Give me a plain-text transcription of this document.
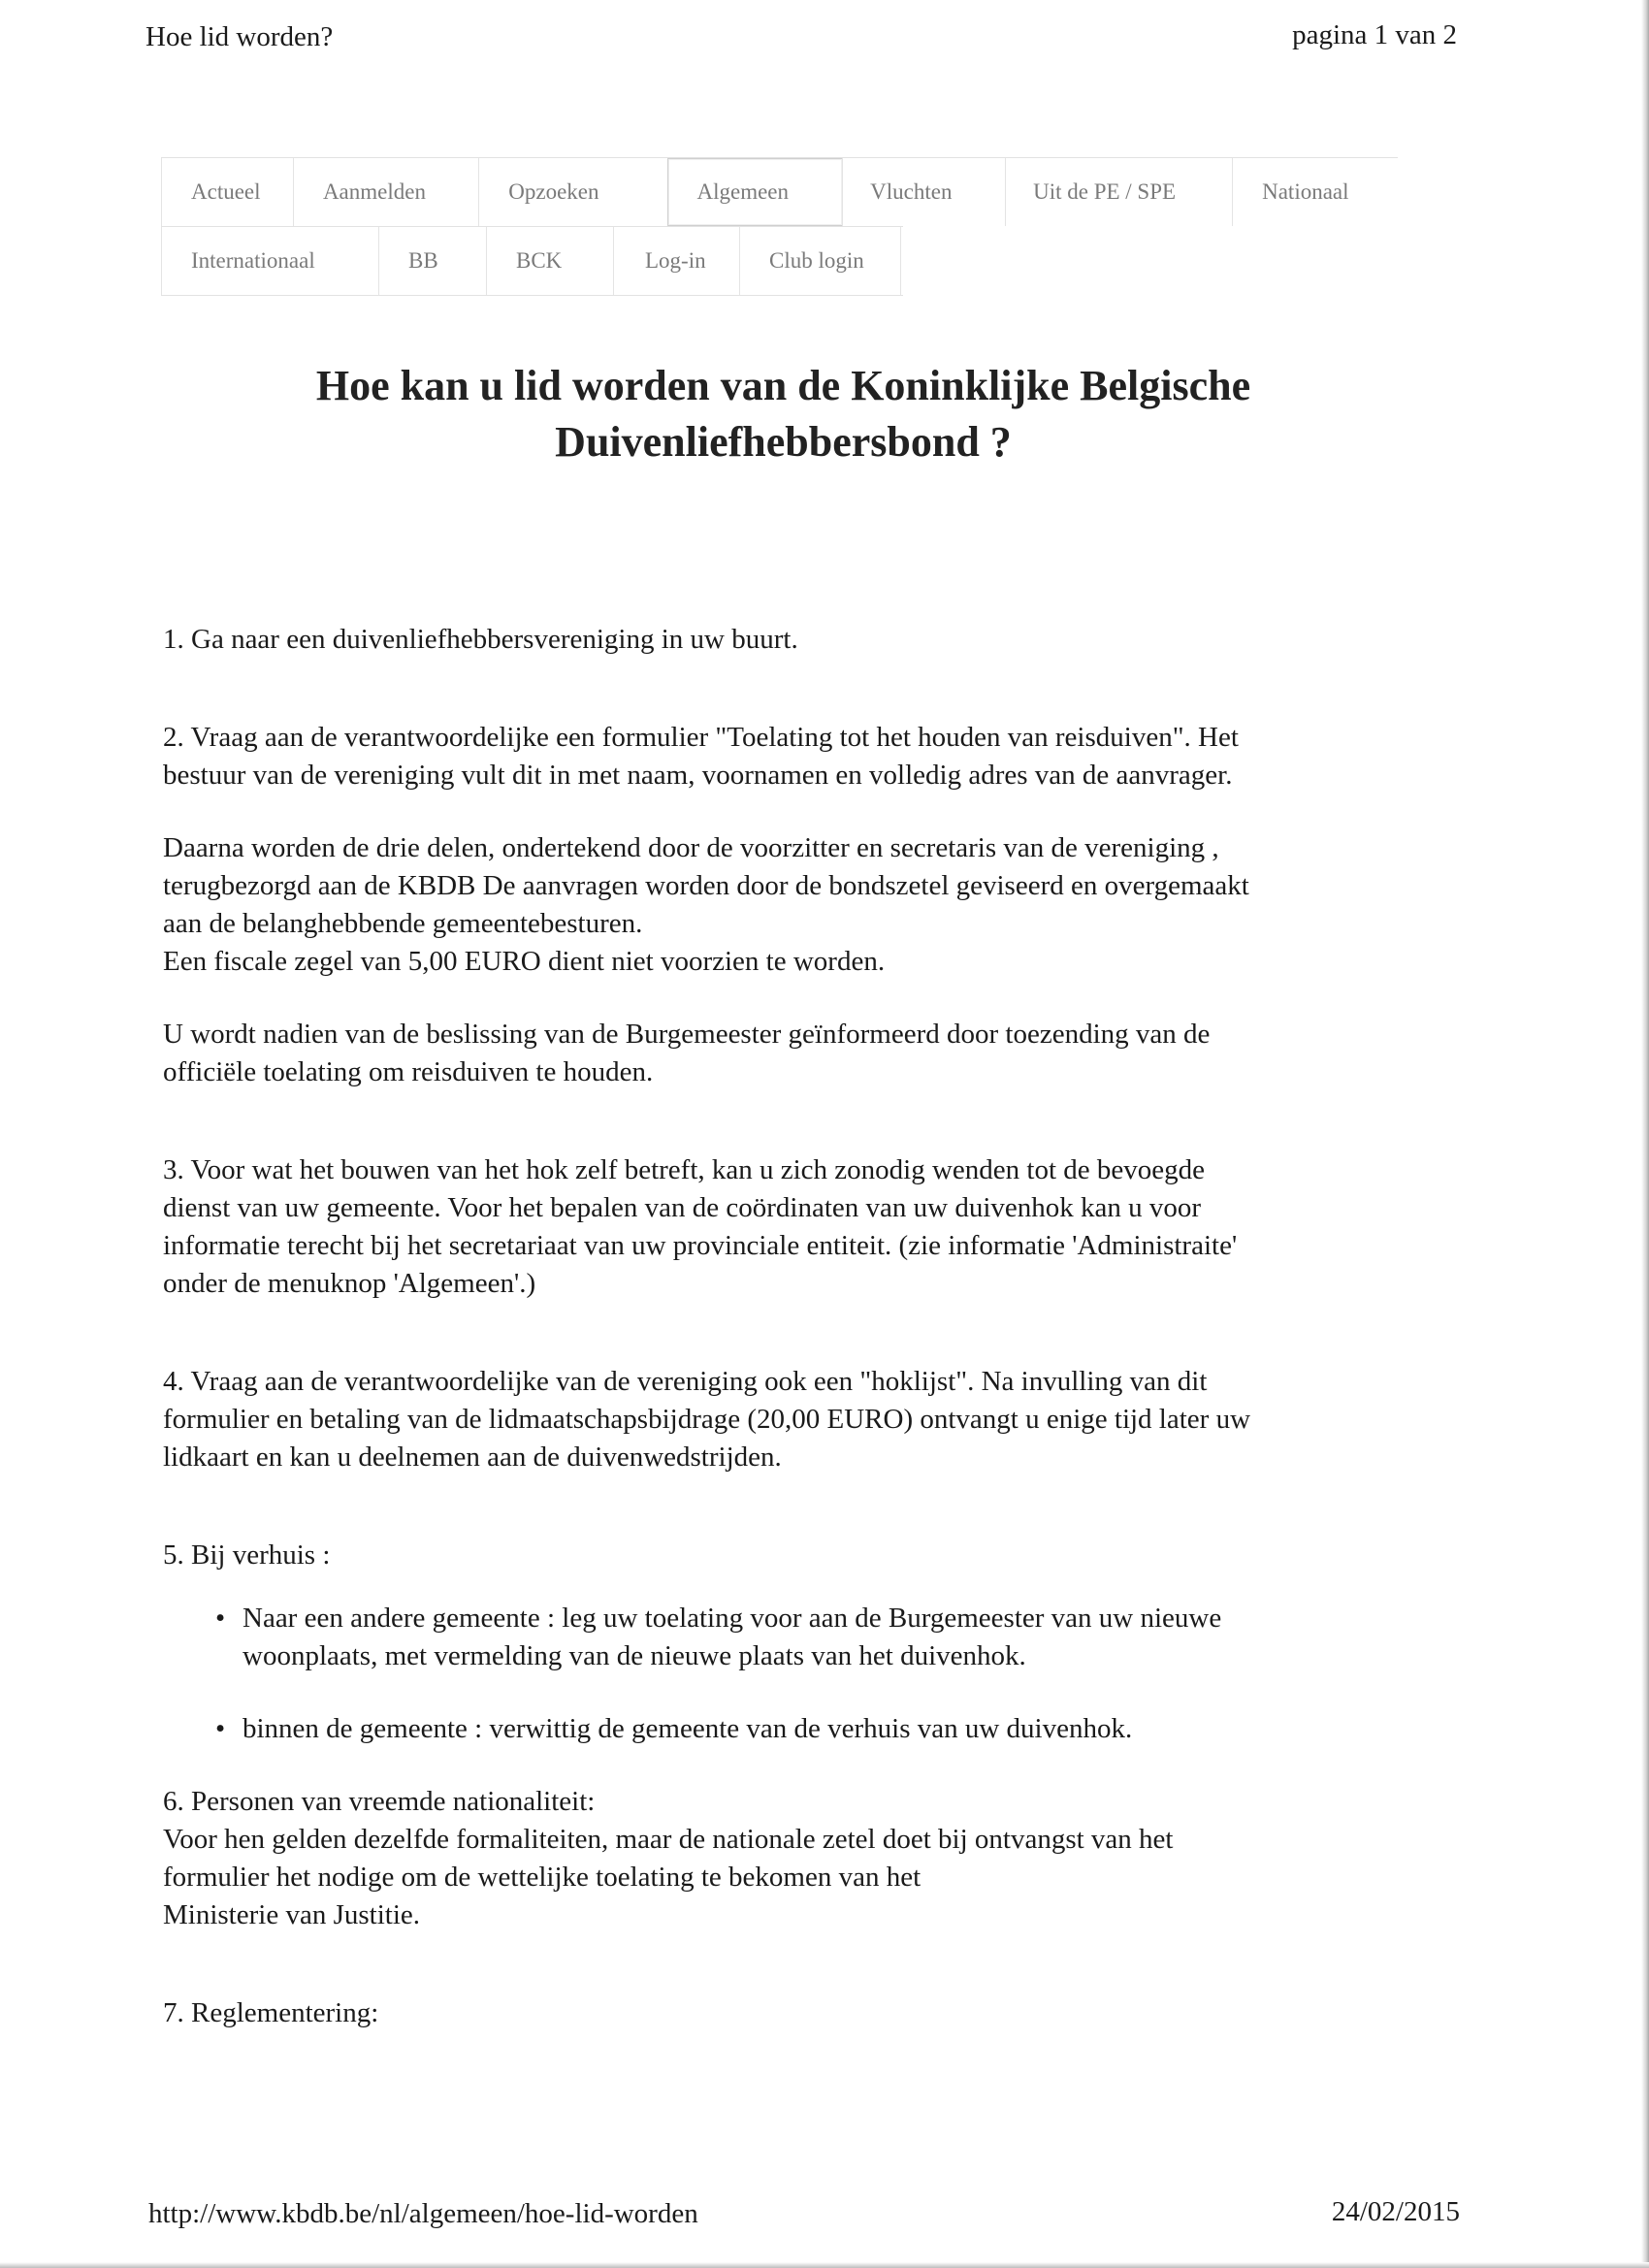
Hoe lid worden?	pagina 1 van 2
Actueel	Aanmelden	Opzoeken	Algemeen	Vluchten	Uit de PE / SPE	Nationaal
Internationaal	BB	BCK	Log-in	Club login
Hoe kan u lid worden van de Koninklijke Belgische
Duivenliefhebbersbond ?

1. Ga naar een duivenliefhebbersvereniging in uw buurt.

2. Vraag aan de verantwoordelijke een formulier "Toelating tot het houden van reisduiven". Het
bestuur van de vereniging vult dit in met naam, voornamen en volledig adres van de aanvrager.

Daarna worden de drie delen, ondertekend door de voorzitter en secretaris van de vereniging ,
terugbezorgd aan de KBDB De aanvragen worden door de bondszetel geviseerd en overgemaakt
aan de belanghebbende gemeentebesturen.
Een fiscale zegel van 5,00 EURO dient niet voorzien te worden.

U wordt nadien van de beslissing van de Burgemeester geïnformeerd door toezending van de
officiële toelating om reisduiven te houden.

3. Voor wat het bouwen van het hok zelf betreft, kan u zich zonodig wenden tot de bevoegde
dienst van uw gemeente. Voor het bepalen van de coördinaten van uw duivenhok kan u voor
informatie terecht bij het secretariaat van uw provinciale entiteit. (zie informatie 'Administraite'
onder de menuknop 'Algemeen'.)

4. Vraag aan de verantwoordelijke van de vereniging ook een "hoklijst". Na invulling van dit
formulier en betaling van de lidmaatschapsbijdrage (20,00 EURO) ontvangt u enige tijd later uw
lidkaart en kan u deelnemen aan de duivenwedstrijden.

5. Bij verhuis :

• Naar een andere gemeente : leg uw toelating voor aan de Burgemeester van uw nieuwe
woonplaats, met vermelding van de nieuwe plaats van het duivenhok.
• binnen de gemeente : verwittig de gemeente van de verhuis van uw duivenhok.

6. Personen van vreemde nationaliteit:
Voor hen gelden dezelfde formaliteiten, maar de nationale zetel doet bij ontvangst van het
formulier het nodige om de wettelijke toelating te bekomen van het
Ministerie van Justitie.

7. Reglementering:

http://www.kbdb.be/nl/algemeen/hoe-lid-worden	24/02/2015
